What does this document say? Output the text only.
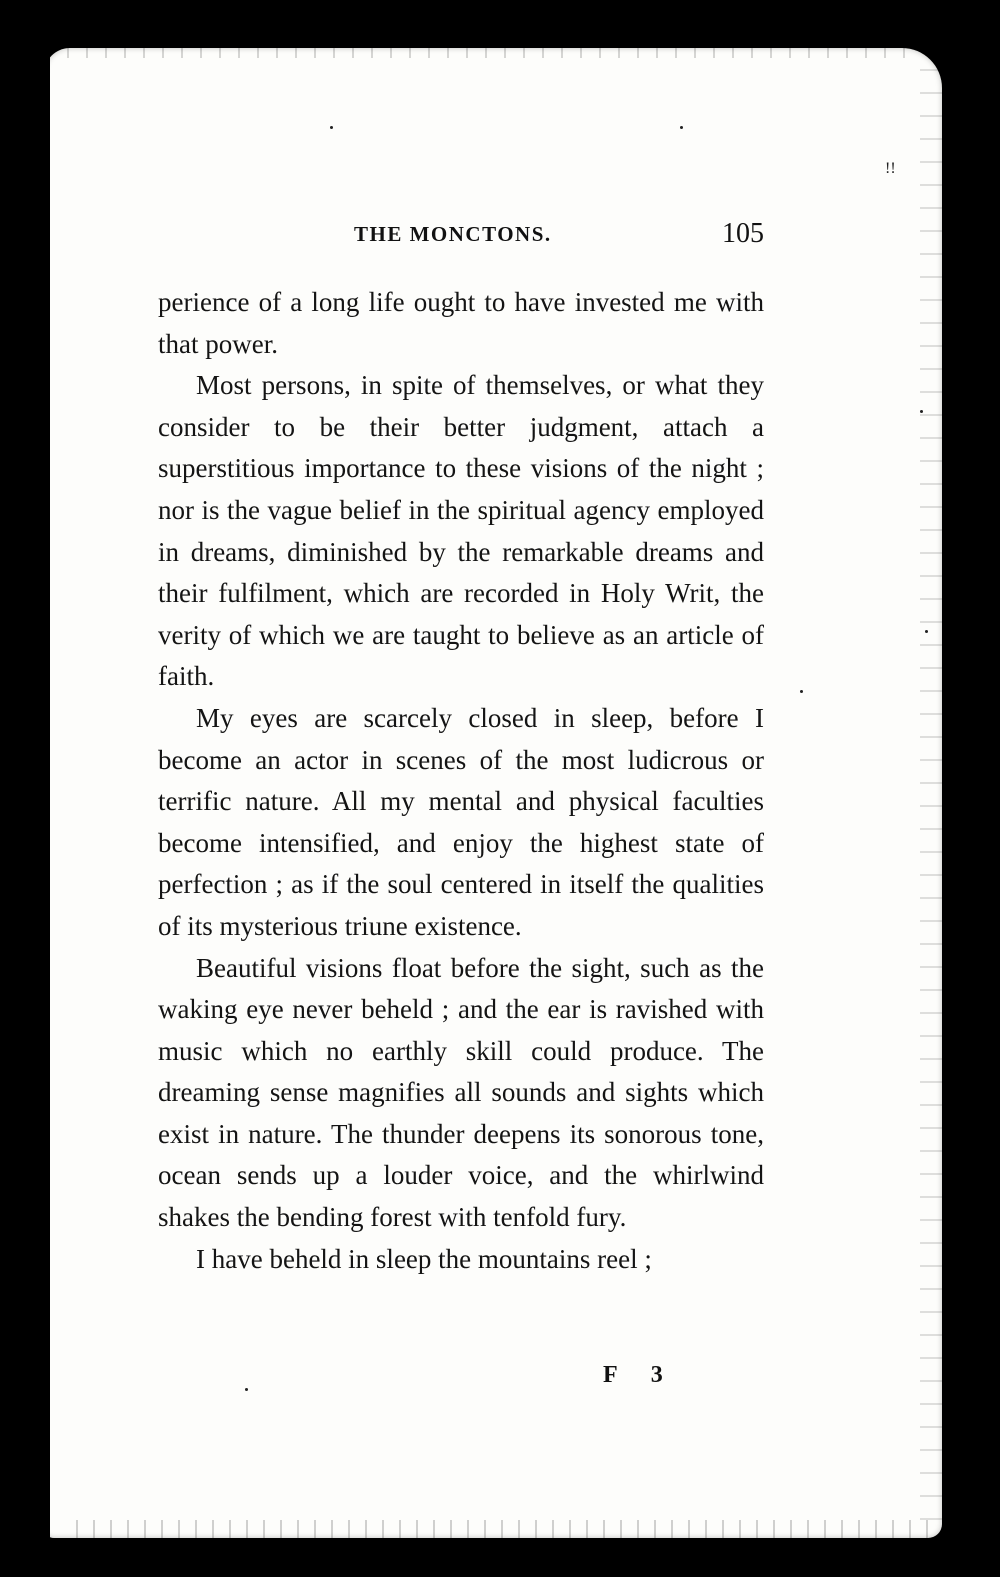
!!
THE MONCTONS.	105

perience of a long life ought to have invested me with that power.

Most persons, in spite of themselves, or what they consider to be their better judgment, attach a superstitious importance to these visions of the night ; nor is the vague belief in the spiritual agency employed in dreams, diminished by the remarkable dreams and their fulfilment, which are recorded in Holy Writ, the verity of which we are taught to believe as an article of faith.

My eyes are scarcely closed in sleep, before I become an actor in scenes of the most ludicrous or terrific nature. All my mental and physical faculties become intensified, and enjoy the highest state of perfection ; as if the soul centered in itself the qualities of its mysterious triune existence.

Beautiful visions float before the sight, such as the waking eye never beheld ; and the ear is ravished with music which no earthly skill could produce. The dreaming sense magnifies all sounds and sights which exist in nature. The thunder deepens its sonorous tone, ocean sends up a louder voice, and the whirlwind shakes the bending forest with tenfold fury.

I have beheld in sleep the mountains reel ;

F 3
